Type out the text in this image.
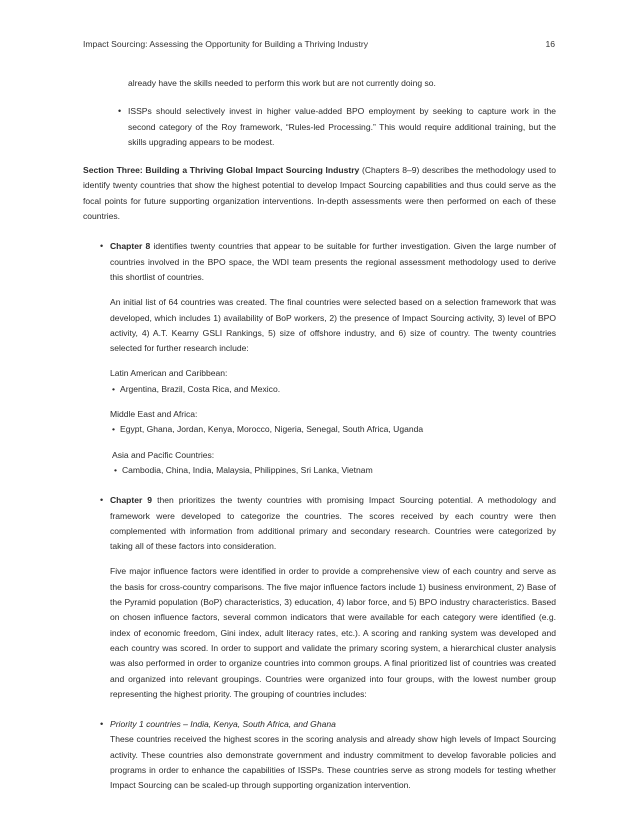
Impact Sourcing: Assessing the Opportunity for Building a Thriving Industry	16

already have the skills needed to perform this work but are not currently doing so.

• ISSPs should selectively invest in higher value-added BPO employment by seeking to capture work in the second category of the Roy framework, “Rules-led Processing.” This would require additional training, but the skills upgrading appears to be modest.

Section Three: Building a Thriving Global Impact Sourcing Industry (Chapters 8–9) describes the methodology used to identify twenty countries that show the highest potential to develop Impact Sourcing capabilities and thus could serve as the focal points for future supporting organization interventions. In-depth assessments were then performed on each of these countries.

• Chapter 8 identifies twenty countries that appear to be suitable for further investigation. Given the large number of countries involved in the BPO space, the WDI team presents the regional assessment methodology used to derive this shortlist of countries.

An initial list of 64 countries was created. The final countries were selected based on a selection framework that was developed, which includes 1) availability of BoP workers, 2) the presence of Impact Sourcing activity, 3) level of BPO activity, 4) A.T. Kearny GSLI Rankings, 5) size of offshore industry, and 6) size of country. The twenty countries selected for further research include:

Latin American and Caribbean:
• Argentina, Brazil, Costa Rica, and Mexico.
Middle East and Africa:
• Egypt, Ghana, Jordan, Kenya, Morocco, Nigeria, Senegal, South Africa, Uganda
Asia and Pacific Countries:
• Cambodia, China, India, Malaysia, Philippines, Sri Lanka, Vietnam

• Chapter 9 then prioritizes the twenty countries with promising Impact Sourcing potential. A methodology and framework were developed to categorize the countries. The scores received by each country were then complemented with information from additional primary and secondary research. Countries were categorized by taking all of these factors into consideration.

Five major influence factors were identified in order to provide a comprehensive view of each country and serve as the basis for cross-country comparisons. The five major influence factors include 1) business environment, 2) Base of the Pyramid population (BoP) characteristics, 3) education, 4) labor force, and 5) BPO industry characteristics. Based on chosen influence factors, several common indicators that were available for each category were identified (e.g. index of economic freedom, Gini index, adult literacy rates, etc.). A scoring and ranking system was developed and each country was scored. In order to support and validate the primary scoring system, a hierarchical cluster analysis was also performed in order to organize countries into common groups. A final prioritized list of countries was created and organized into relevant groupings. Countries were organized into four groups, with the lowest number group representing the highest priority. The grouping of countries includes:

• Priority 1 countries – India, Kenya, South Africa, and Ghana

These countries received the highest scores in the scoring analysis and already show high levels of Impact Sourcing activity. These countries also demonstrate government and industry commitment to develop favorable policies and programs in order to enhance the capabilities of ISSPs. These countries serve as strong models for testing whether Impact Sourcing can be scaled-up through supporting organization intervention.
